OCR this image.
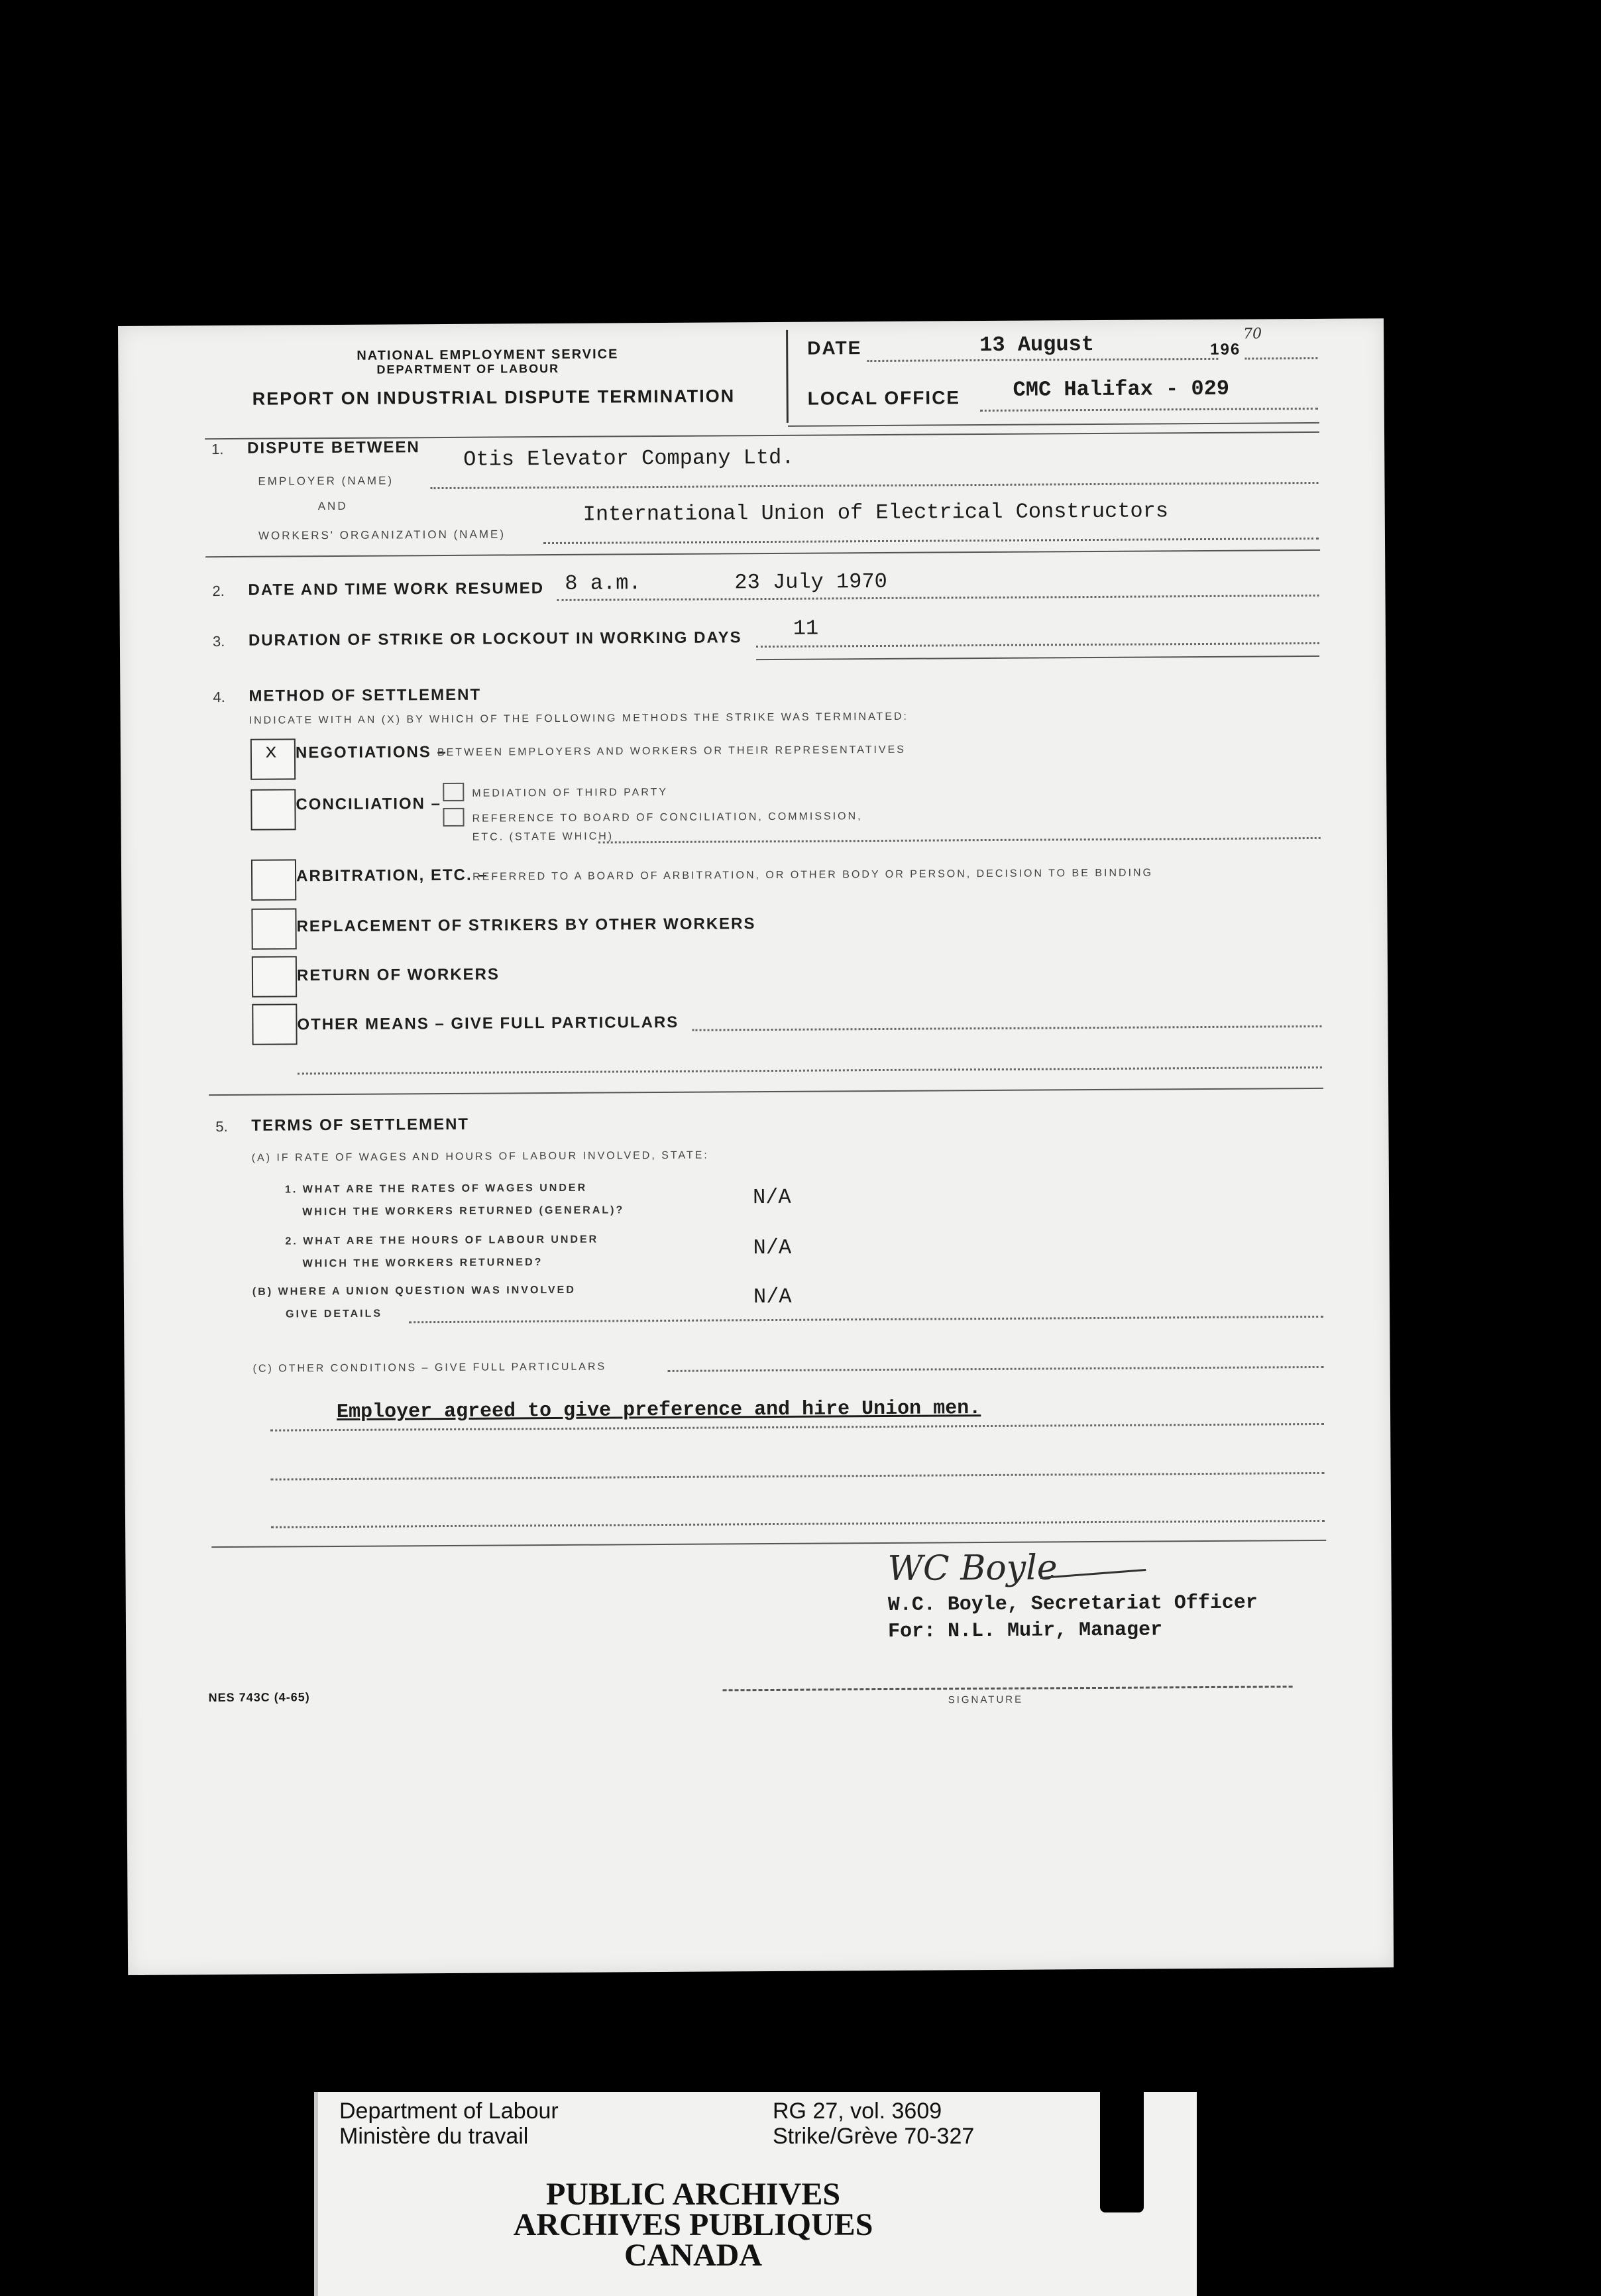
NATIONAL EMPLOYMENT SERVICE
DEPARTMENT OF LABOUR
REPORT ON INDUSTRIAL DISPUTE TERMINATION
DATE	13 August	196
70
LOCAL OFFICE CMC Halifax - 029
1. DISPUTE BETWEEN
EMPLOYER (NAME)
Otis Elevator Company Ltd.
AND
WORKERS' ORGANIZATION (NAME)
International Union of Electrical Constructors
2. DATE AND TIME WORK RESUMED 8 a.m.	23 July 1970
3. DURATION OF STRIKE OR LOCKOUT IN WORKING DAYS 11
4. METHOD OF SETTLEMENT
INDICATE WITH AN (X) BY WHICH OF THE FOLLOWING METHODS THE STRIKE WAS TERMINATED:
x NEGOTIATIONS –
BETWEEN EMPLOYERS AND WORKERS OR THEIR REPRESENTATIVES
CONCILIATION –
MEDIATION OF THIRD PARTY
REFERENCE TO BOARD OF CONCILIATION, COMMISSION,
ETC. (STATE WHICH)
ARBITRATION, ETC. –
REFERRED TO A BOARD OF ARBITRATION, OR OTHER BODY OR PERSON, DECISION TO BE BINDING
REPLACEMENT OF STRIKERS BY OTHER WORKERS
RETURN OF WORKERS
OTHER MEANS – GIVE FULL PARTICULARS
5. TERMS OF SETTLEMENT
(A) IF RATE OF WAGES AND HOURS OF LABOUR INVOLVED, STATE:
1. WHAT ARE THE RATES OF WAGES UNDER
WHICH THE WORKERS RETURNED (GENERAL)?
N/A
2. WHAT ARE THE HOURS OF LABOUR UNDER
WHICH THE WORKERS RETURNED?
N/A
(B) WHERE A UNION QUESTION WAS INVOLVED
GIVE DETAILS
N/A
(C) OTHER CONDITIONS – GIVE FULL PARTICULARS
Employer agreed to give preference and hire Union men.
WC Boyle
W.C. Boyle, Secretariat Officer
For: N.L. Muir, Manager
NES 743C (4-65)	SIGNATURE
Department of Labour
Ministère du travail
RG 27, vol. 3609
Strike/Grève 70-327
PUBLIC ARCHIVES
ARCHIVES PUBLIQUES
CANADA
